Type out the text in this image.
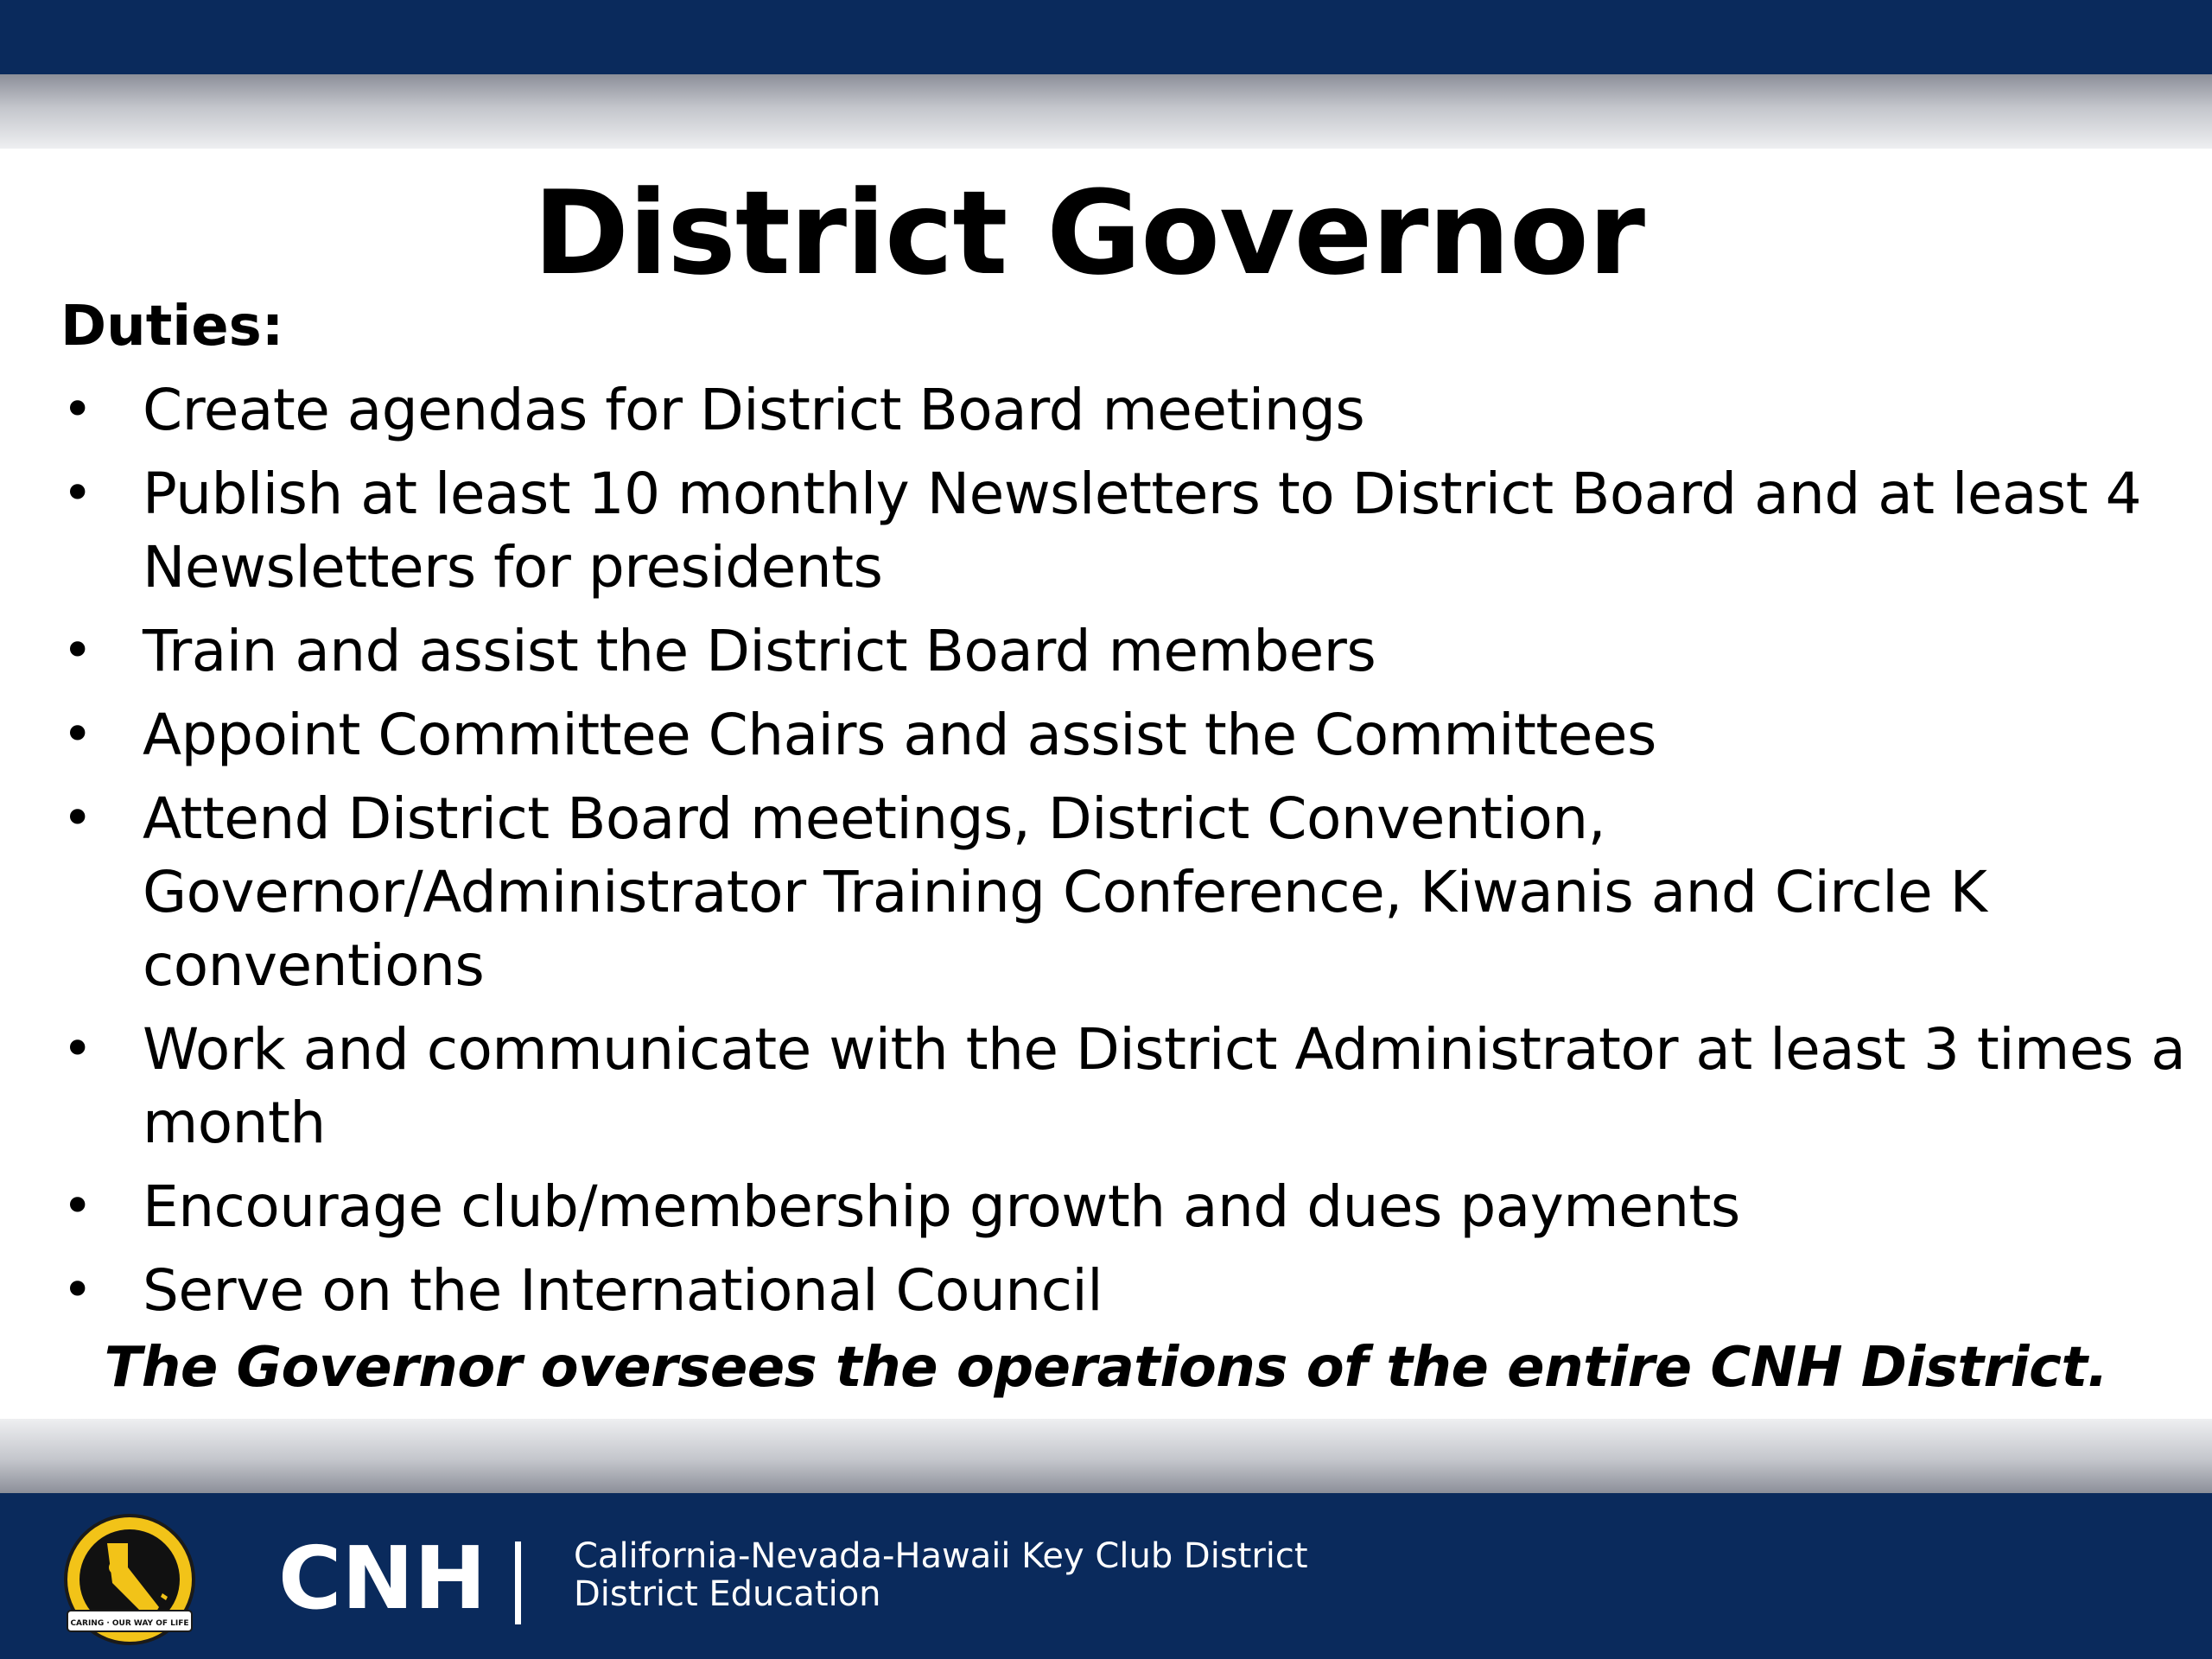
District Governor

Duties:

• Create agendas for District Board meetings
• Publish at least 10 monthly Newsletters to District Board and at least 4 Newsletters for presidents
• Train and assist the District Board members
• Appoint Committee Chairs and assist the Committees
• Attend District Board meetings, District Convention, Governor/Administrator Training Conference, Kiwanis and Circle K conventions
• Work and communicate with the District Administrator at least 3 times a month
• Encourage club/membership growth and dues payments
• Serve on the International Council

The Governor oversees the operations of the entire CNH District.

CARING · OUR WAY OF LIFE CNH	California-Nevada-Hawaii Key Club District

District Education
